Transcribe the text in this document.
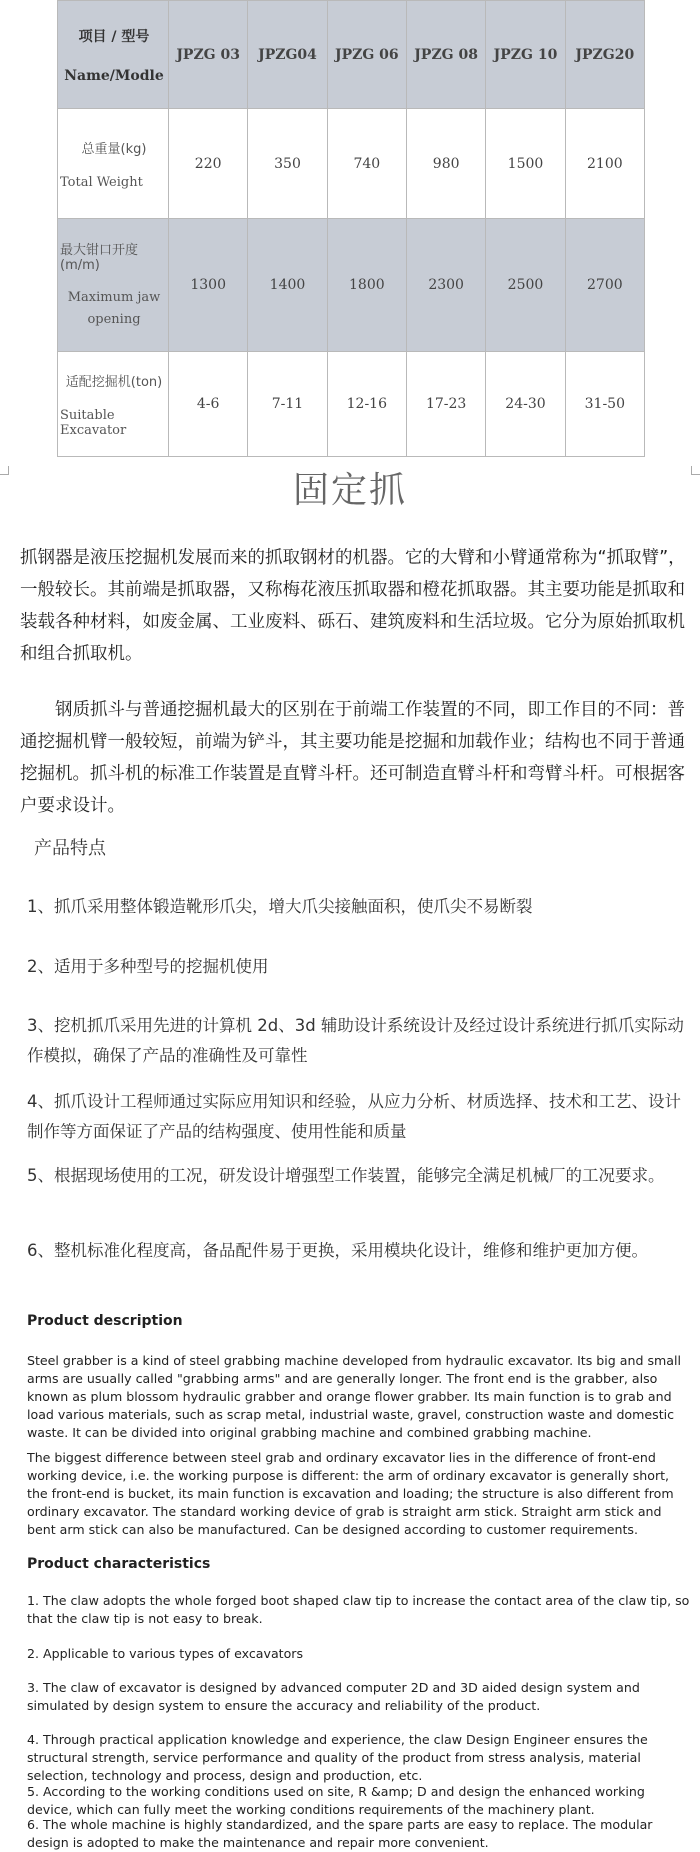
项目 / 型号
Name/Modle	JPZG 03	JPZG04	JPZG 06	JPZG 08	JPZG 10	JPZG20

总重量(kg)
Total Weight	220	350	740	980	1500	2100

最大钳口开度(m/m)
Maximum jaw opening	1300	1400	1800	2300	2500	2700

适配挖掘机(ton)
Suitable Excavator	4-6	7-11	12-16	17-23	24-30	31-50
固定抓
抓钢器是液压挖掘机发展而来的抓取钢材的机器。它的大臂和小臂通常称为“抓取臂”，一般较长。其前端是抓取器，又称梅花液压抓取器和橙花抓取器。其主要功能是抓取和装载各种材料，如废金属、工业废料、砾石、建筑废料和生活垃圾。它分为原始抓取机和组合抓取机。
钢质抓斗与普通挖掘机最大的区别在于前端工作装置的不同，即工作目的不同：普通挖掘机臂一般较短，前端为铲斗，其主要功能是挖掘和加载作业；结构也不同于普通挖掘机。抓斗机的标准工作装置是直臂斗杆。还可制造直臂斗杆和弯臂斗杆。可根据客户要求设计。
产品特点
1、抓爪采用整体锻造靴形爪尖，增大爪尖接触面积，使爪尖不易断裂
2、适用于多种型号的挖掘机使用
3、挖机抓爪采用先进的计算机 2d、3d 辅助设计系统设计及经过设计系统进行抓爪实际动作模拟，确保了产品的准确性及可靠性
4、抓爪设计工程师通过实际应用知识和经验，从应力分析、材质选择、技术和工艺、设计制作等方面保证了产品的结构强度、使用性能和质量
5、根据现场使用的工况，研发设计增强型工作装置，能够完全满足机械厂的工况要求。
6、整机标准化程度高，备品配件易于更换，采用模块化设计，维修和维护更加方便。
Product description
Steel grabber is a kind of steel grabbing machine developed from hydraulic excavator. Its big and small arms are usually called "grabbing arms" and are generally longer. The front end is the grabber, also known as plum blossom hydraulic grabber and orange flower grabber. Its main function is to grab and load various materials, such as scrap metal, industrial waste, gravel, construction waste and domestic waste. It can be divided into original grabbing machine and combined grabbing machine.
The biggest difference between steel grab and ordinary excavator lies in the difference of front-end working device, i.e. the working purpose is different: the arm of ordinary excavator is generally short, the front-end is bucket, its main function is excavation and loading; the structure is also different from ordinary excavator. The standard working device of grab is straight arm stick. Straight arm stick and bent arm stick can also be manufactured. Can be designed according to customer requirements.
Product characteristics
1. The claw adopts the whole forged boot shaped claw tip to increase the contact area of the claw tip, so that the claw tip is not easy to break.
2. Applicable to various types of excavators
3. The claw of excavator is designed by advanced computer 2D and 3D aided design system and simulated by design system to ensure the accuracy and reliability of the product.
4. Through practical application knowledge and experience, the claw Design Engineer ensures the structural strength, service performance and quality of the product from stress analysis, material selection, technology and process, design and production, etc.
5. According to the working conditions used on site, R &amp; D and design the enhanced working device, which can fully meet the working conditions requirements of the machinery plant.
6. The whole machine is highly standardized, and the spare parts are easy to replace. The modular design is adopted to make the maintenance and repair more convenient.
